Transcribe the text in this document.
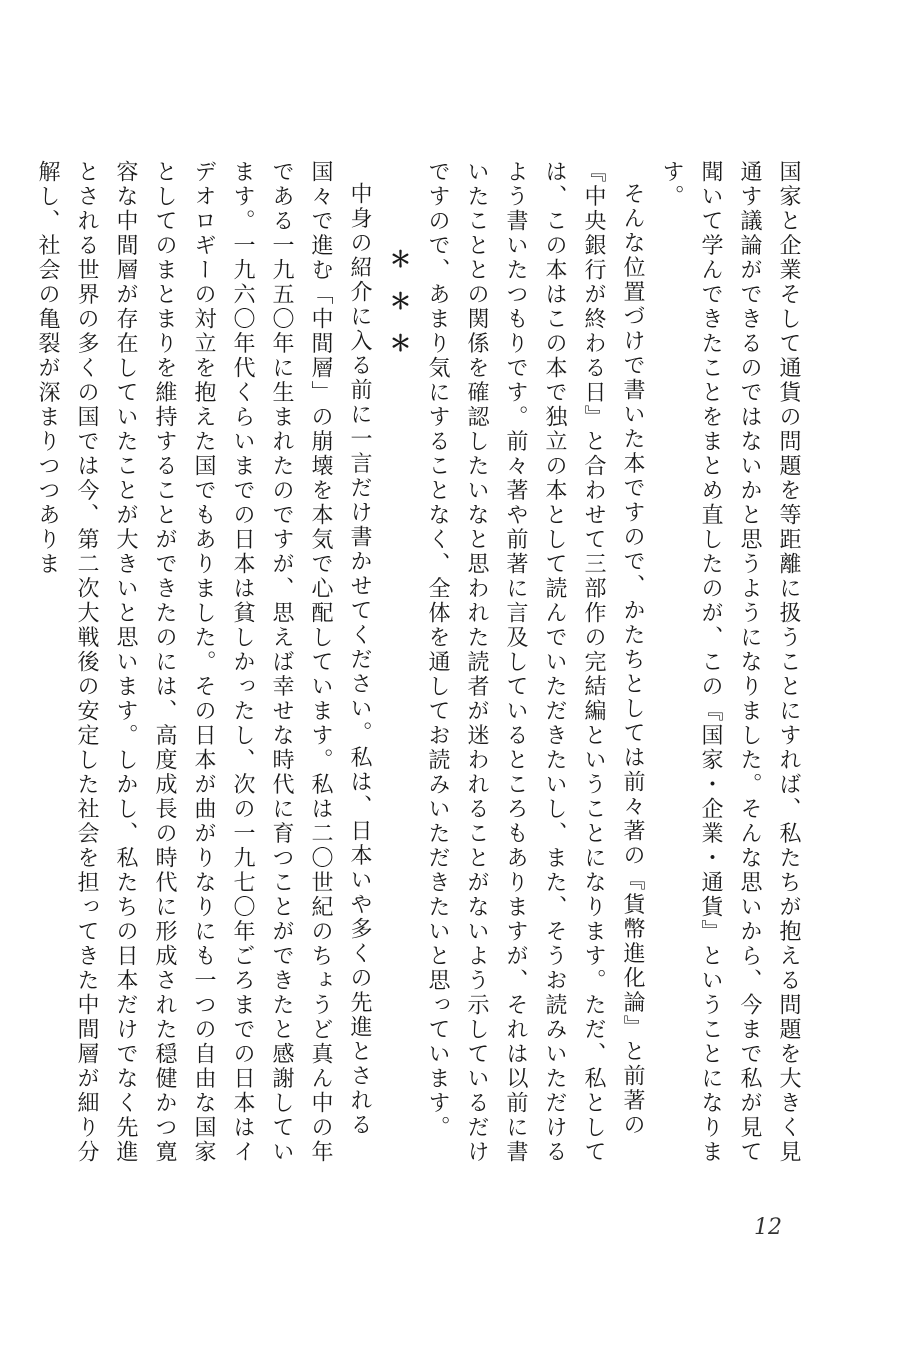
国家と企業そして通貨の問題を等距離に扱うことにすれば、私たちが抱える問題を大きく見通す議論ができるのではないかと思うようになりました。そんな思いから、今まで私が見て聞いて学んできたことをまとめ直したのが、この『国家・企業・通貨』ということになります。

そんな位置づけで書いた本ですので、かたちとしては前々著の『貨幣進化論』と前著の『中央銀行が終わる日』と合わせて三部作の完結編ということになります。ただ、私としては、この本はこの本で独立の本として読んでいただきたいし、また、そうお読みいただけるよう書いたつもりです。前々著や前著に言及しているところもありますが、それは以前に書いたこととの関係を確認したいなと思われた読者が迷われることがないよう示しているだけですので、あまり気にすることなく、全体を通してお読みいただきたいと思っています。

＊＊＊

中身の紹介に入る前に一言だけ書かせてください。私は、日本いや多くの先進とされる国々で進む「中間層」の崩壊を本気で心配しています。私は二〇世紀のちょうど真ん中の年である一九五〇年に生まれたのですが、思えば幸せな時代に育つことができたと感謝しています。一九六〇年代くらいまでの日本は貧しかったし、次の一九七〇年ごろまでの日本はイデオロギーの対立を抱えた国でもありました。その日本が曲がりなりにも一つの自由な国家としてのまとまりを維持することができたのには、高度成長の時代に形成された穏健かつ寛容な中間層が存在していたことが大きいと思います。しかし、私たちの日本だけでなく先進とされる世界の多くの国では今、第二次大戦後の安定した社会を担ってきた中間層が細り分解し、社会の亀裂が深まりつつありま

12
